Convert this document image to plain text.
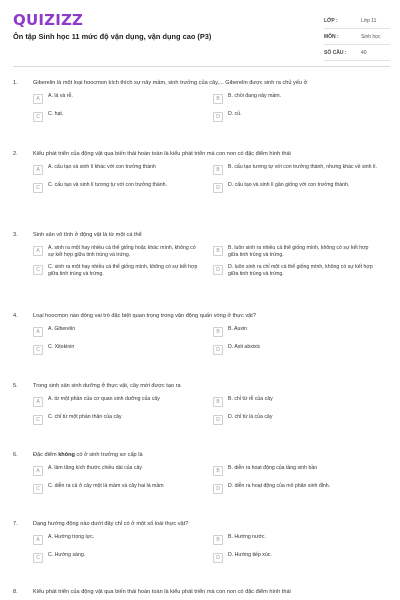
QUIZIZZ
Ôn tập Sinh học 11 mức độ vận dụng, vận dụng cao (P3)
LỚP :	Lớp 11
MÔN :	Sinh học
SỐ CÂU :	40
1.	Giberelin là một loại hoocmon kích thích sự nảy mầm, sinh trưởng của cây,... Giberelin được sinh ra chủ yếu ở
A	A. lá và rễ.	B	B. chồi đang nảy mầm.
C	C. hạt.	D	D. củ.
2.	Kiểu phát triển của động vật qua biến thái hoàn toàn là kiểu phát triển mà con non có đặc điểm hình thái
A	A. cấu tạo và sinh lí khác với con trưởng thành	B	B. cấu tạo tương tự với con trưởng thành, nhưng khác về sinh lí.
C	C. cấu tạo và sinh lí tương tự với con trưởng thành.	D	D. cấu tạo và sinh lí gần giống với con trưởng thành.
3.	Sinh sản vô tính ở động vật là từ một cá thể
A	A. sinh ra một hay nhiều cá thể giống hoặc khác mình, không có sự kết hợp giữa tinh trùng và trứng.
B	B. luôn sinh ra nhiều cá thể giống mình, không có sự kết hợp giữa tinh trùng và trứng.
C	C. sinh ra một hay nhiều cá thể giống mình, không có sự kết hợp giữa tinh trùng và trứng.
D	D. luôn sinh ra chỉ một cá thể giống mình, không có sự kết hợp giữa tinh trùng và trứng.
4.	Loại hoocmon nào đóng vai trò đặc biệt quan trọng trong vận động quấn vòng ở thực vật?
A	A. Giberelin	B	B. Auxin
C	C. Xitokinin	D	D. Axit abxixic
5.	Trong sinh sản sinh dưỡng ở thực vật, cây mới được tạo ra
A	A. từ một phần của cơ quan sinh dưỡng của cây	B	B. chỉ từ rễ của cây
C	C. chỉ từ một phần thân của cây	D	D. chỉ từ lá của cây
6.	Đặc điểm không có ở sinh trưởng sơ cấp là
A	A. làm tăng kích thước chiều dài của cây	B	B. diễn ra hoạt động của tầng sinh bần
C	C. diễn ra cả ở cây một lá mầm và cây hai lá mầm	D	D. diễn ra hoạt động của mô phân sinh đỉnh.
7.	Dạng hướng động nào dưới đây chỉ có ở một số loài thực vật?
A	A. Hướng trọng lực.	B	B. Hướng nước.
C	C. Hướng sáng.	D	D. Hướng tiếp xúc.
8.	Kiểu phát triển của động vật qua biến thái hoàn toàn là kiểu phát triển mà con non có đặc điểm hình thái
